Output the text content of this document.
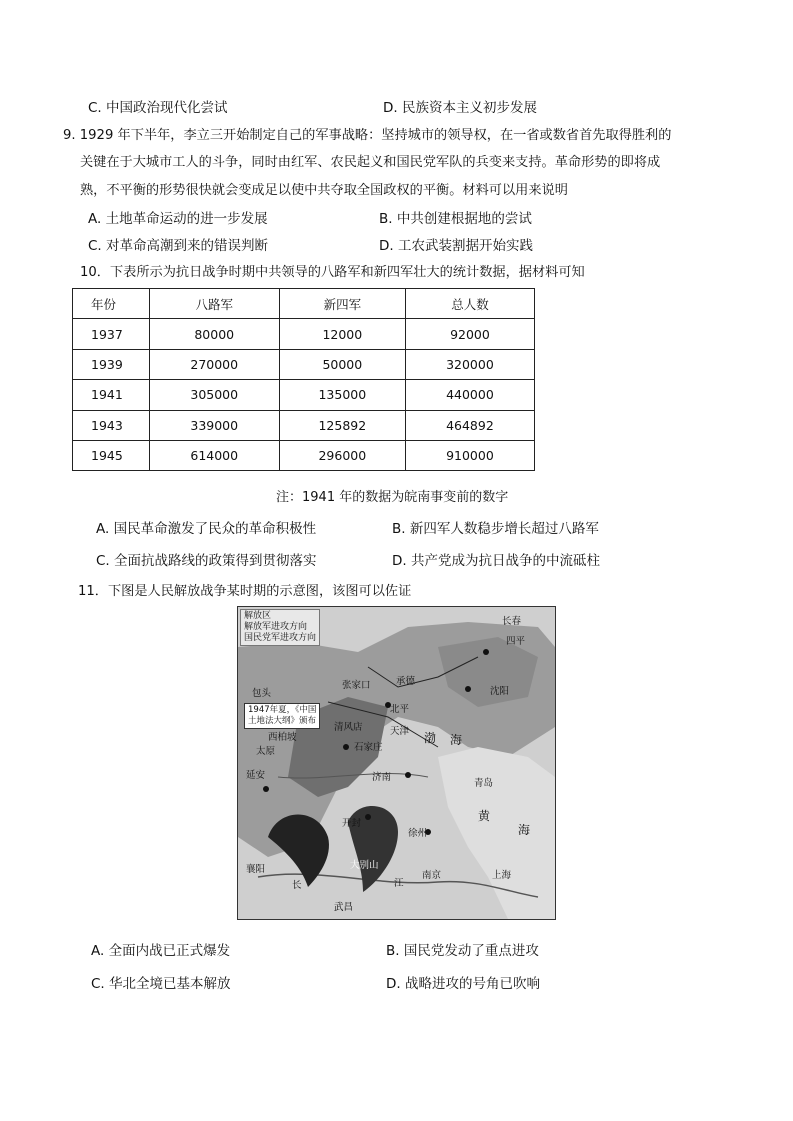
C. 中国政治现代化尝试	D. 民族资本主义初步发展
9. 1929 年下半年，李立三开始制定自己的军事战略：坚持城市的领导权，在一省或数省首先取得胜利的
关键在于大城市工人的斗争，同时由红军、农民起义和国民党军队的兵变来支持。革命形势的即将成
熟，不平衡的形势很快就会变成足以使中共夺取全国政权的平衡。材料可以用来说明
A. 土地革命运动的进一步发展	B. 中共创建根据地的尝试
C. 对革命高潮到来的错误判断	D. 工农武装割据开始实践
10．下表所示为抗日战争时期中共领导的八路军和新四军壮大的统计数据，据材料可知
年份	八路军	新四军	总人数
1937	80000	12000	92000
1939	270000	50000	320000
1941	305000	135000	440000
1943	339000	125892	464892
1945	614000	296000	910000
注：1941 年的数据为皖南事变前的数字
A. 国民革命激发了民众的革命积极性	B. 新四军人数稳步增长超过八路军
C. 全面抗战路线的政策得到贯彻落实	D. 共产党成为抗日战争的中流砥柱
11．下图是人民解放战争某时期的示意图，该图可以佐证
解放区
解放军进攻方向
国民党军进攻方向
1947年夏，《中国
土地法大纲》颁布
长春
四平
沈阳
张家口	承德
包头
北平
清风店	天津
西柏坡
太原	石家庄
延安	济南
青岛
渤 海
黄
海
开封
徐州
襄阳
长	江
南京	上海
武昌
大别山
A. 全面内战已正式爆发	B. 国民党发动了重点进攻
C. 华北全境已基本解放	D. 战略进攻的号角已吹响
